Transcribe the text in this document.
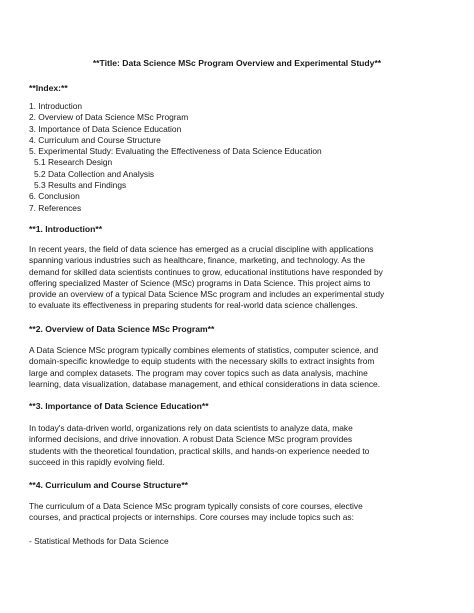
**Title: Data Science MSc Program Overview and Experimental Study**
**Index:**
1. Introduction
2. Overview of Data Science MSc Program
3. Importance of Data Science Education
4. Curriculum and Course Structure
5. Experimental Study: Evaluating the Effectiveness of Data Science Education
5.1 Research Design
5.2 Data Collection and Analysis
5.3 Results and Findings
6. Conclusion
7. References
**1. Introduction**
In recent years, the field of data science has emerged as a crucial discipline with applications
spanning various industries such as healthcare, finance, marketing, and technology. As the
demand for skilled data scientists continues to grow, educational institutions have responded by
offering specialized Master of Science (MSc) programs in Data Science. This project aims to
provide an overview of a typical Data Science MSc program and includes an experimental study
to evaluate its effectiveness in preparing students for real-world data science challenges.
**2. Overview of Data Science MSc Program**
A Data Science MSc program typically combines elements of statistics, computer science, and
domain-specific knowledge to equip students with the necessary skills to extract insights from
large and complex datasets. The program may cover topics such as data analysis, machine
learning, data visualization, database management, and ethical considerations in data science.
**3. Importance of Data Science Education**
In today's data-driven world, organizations rely on data scientists to analyze data, make
informed decisions, and drive innovation. A robust Data Science MSc program provides
students with the theoretical foundation, practical skills, and hands-on experience needed to
succeed in this rapidly evolving field.
**4. Curriculum and Course Structure**
The curriculum of a Data Science MSc program typically consists of core courses, elective
courses, and practical projects or internships. Core courses may include topics such as:
- Statistical Methods for Data Science
